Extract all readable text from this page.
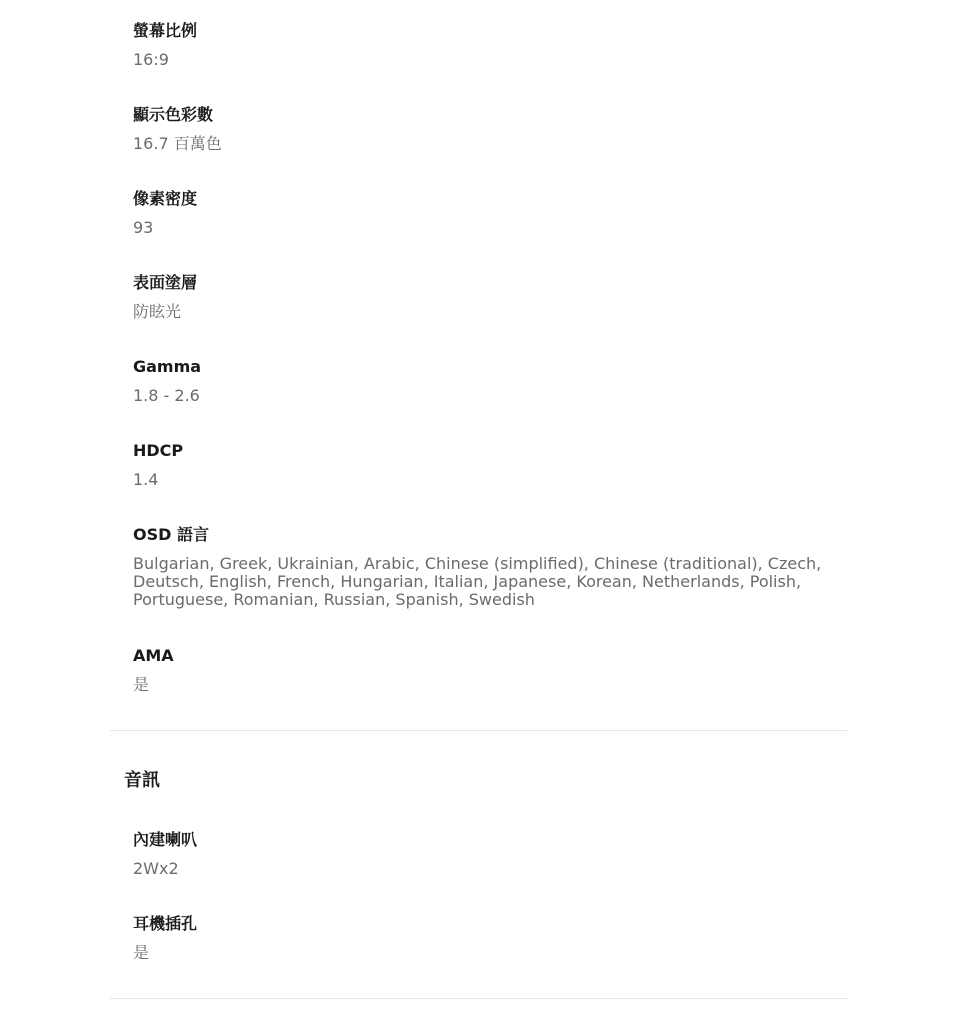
螢幕比例

16:9

顯示色彩數

16.7 百萬色

像素密度

93

表面塗層

防眩光

Gamma

1.8 - 2.6

HDCP

1.4

OSD 語言

Bulgarian, Greek, Ukrainian, Arabic, Chinese (simplified), Chinese (traditional), Czech, Deutsch, English, French, Hungarian, Italian, Japanese, Korean, Netherlands, Polish, Portuguese, Romanian, Russian, Spanish, Swedish

AMA

是

音訊

內建喇叭

2Wx2

耳機插孔

是
